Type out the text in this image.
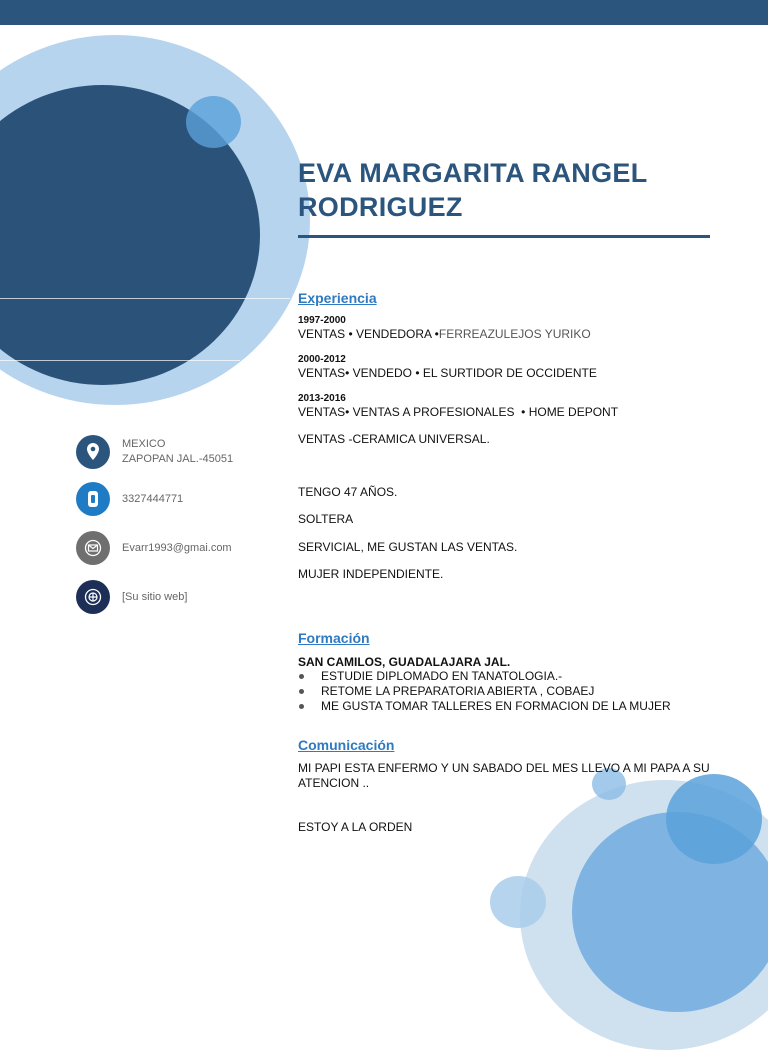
EVA MARGARITA RANGEL
RODRIGUEZ
MEXICO
ZAPOPAN JAL.-45051
3327444771
Evarr1993@gmai.com
[Su sitio web]
Experiencia
1997-2000
VENTAS • VENDEDORA •FERREAZULEJOS YURIKO
2000-2012
VENTAS• VENDEDO • EL SURTIDOR DE OCCIDENTE
2013-2016
VENTAS• VENTAS A PROFESIONALES  • HOME DEPONT
VENTAS -CERAMICA UNIVERSAL.
TENGO 47 AÑOS.
SOLTERA
SERVICIAL, ME GUSTAN LAS VENTAS.
MUJER INDEPENDIENTE.
Formación
SAN CAMILOS, GUADALAJARA JAL.
ESTUDIE DIPLOMADO EN TANATOLOGIA.-
RETOME LA PREPARATORIA ABIERTA , COBAEJ
ME GUSTA TOMAR TALLERES EN FORMACION DE LA MUJER
Comunicación
MI PAPI ESTA ENFERMO Y UN SABADO DEL MES LLEVO A MI PAPA A SU
ATENCION ..
ESTOY A LA ORDEN
